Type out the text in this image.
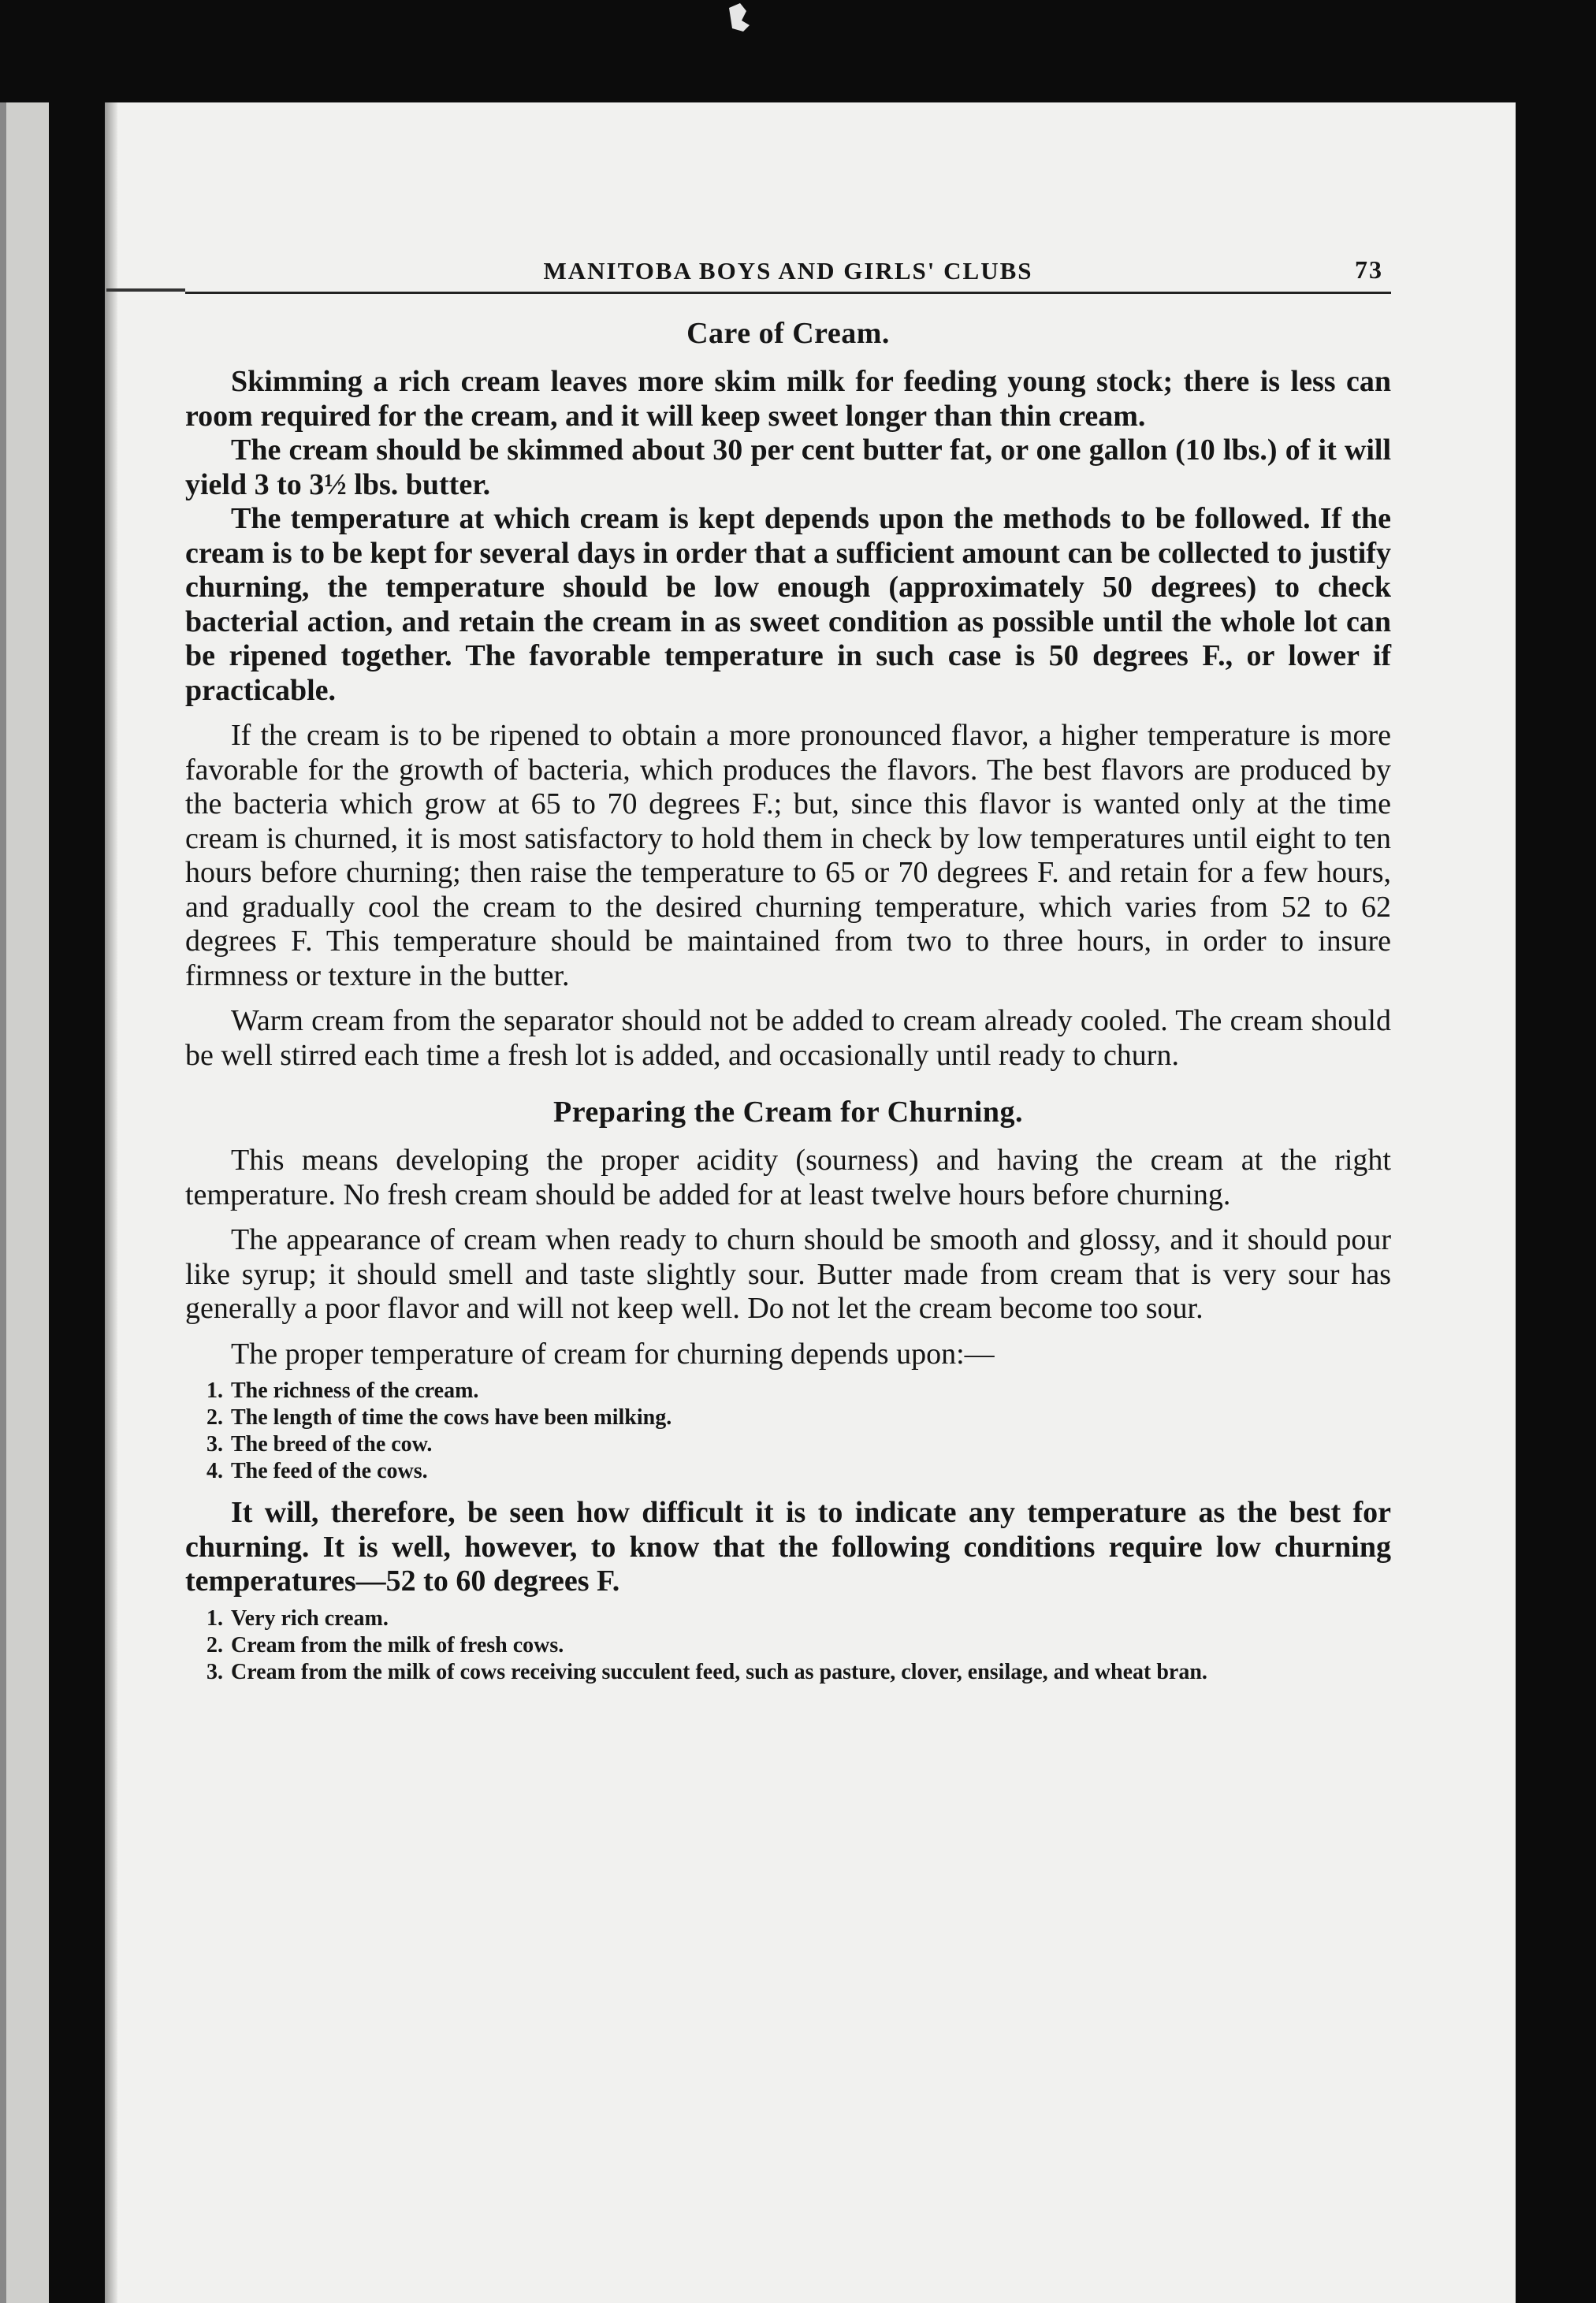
MANITOBA BOYS AND GIRLS' CLUBS	73
Care of Cream.

Skimming a rich cream leaves more skim milk for feeding young stock; there is less can room required for the cream, and it will keep sweet longer than thin cream.

The cream should be skimmed about 30 per cent butter fat, or one gallon (10 lbs.) of it will yield 3 to 3½ lbs. butter.

The temperature at which cream is kept depends upon the methods to be followed. If the cream is to be kept for several days in order that a sufficient amount can be collected to justify churning, the temperature should be low enough (approximately 50 degrees) to check bacterial action, and retain the cream in as sweet condition as possible until the whole lot can be ripened together. The favorable temperature in such case is 50 degrees F., or lower if practicable.

If the cream is to be ripened to obtain a more pronounced flavor, a higher temperature is more favorable for the growth of bacteria, which produces the flavors. The best flavors are produced by the bacteria which grow at 65 to 70 degrees F.; but, since this flavor is wanted only at the time cream is churned, it is most satisfactory to hold them in check by low temperatures until eight to ten hours before churning; then raise the temperature to 65 or 70 degrees F. and retain for a few hours, and gradually cool the cream to the desired churning temperature, which varies from 52 to 62 degrees F. This temperature should be maintained from two to three hours, in order to insure firmness or texture in the butter.

Warm cream from the separator should not be added to cream already cooled. The cream should be well stirred each time a fresh lot is added, and occasionally until ready to churn.

Preparing the Cream for Churning.

This means developing the proper acidity (sourness) and having the cream at the right temperature. No fresh cream should be added for at least twelve hours before churning.

The appearance of cream when ready to churn should be smooth and glossy, and it should pour like syrup; it should smell and taste slightly sour. Butter made from cream that is very sour has generally a poor flavor and will not keep well. Do not let the cream become too sour.

The proper temperature of cream for churning depends upon:—

1. The richness of the cream.
2. The length of time the cows have been milking.
3. The breed of the cow.
4. The feed of the cows.

It will, therefore, be seen how difficult it is to indicate any temperature as the best for churning. It is well, however, to know that the following conditions require low churning temperatures—52 to 60 degrees F.

1. Very rich cream.
2. Cream from the milk of fresh cows.
3. Cream from the milk of cows receiving succulent feed, such as pasture, clover, ensilage, and wheat bran.
